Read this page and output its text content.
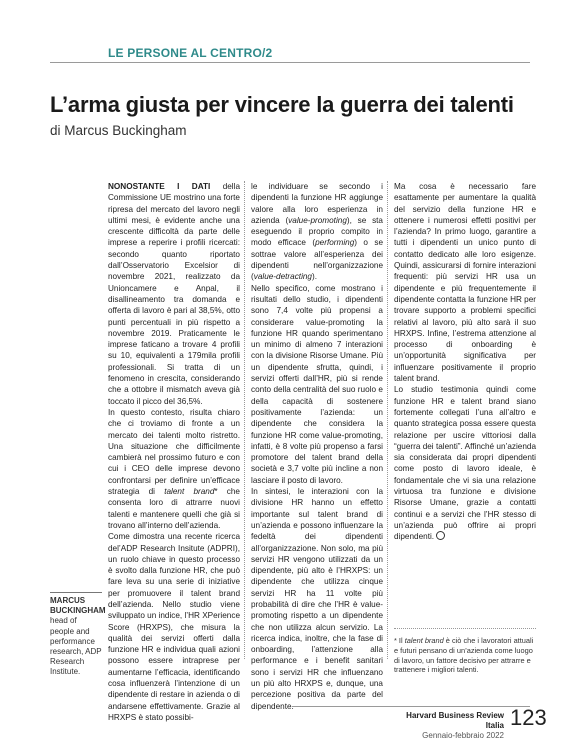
LE PERSONE AL CENTRO/2
L’arma giusta per vincere la guerra dei talenti
di Marcus Buckingham

NONOSTANTE I DATI della Commissione UE mostrino una forte ripresa del mercato del lavoro negli ultimi mesi, è evidente anche una crescente difficoltà da parte delle imprese a reperire i profili ricercati: secondo quanto riportato dall’Osservatorio Excelsior di novembre 2021, realizzato da Unioncamere e Anpal, il disallineamento tra domanda e offerta di lavoro è pari al 38,5%, otto punti percentuali in più rispetto a novembre 2019. Praticamente le imprese faticano a trovare 4 profili su 10, equivalenti a 179mila profili professionali. Si tratta di un fenomeno in crescita, considerando che a ottobre il mismatch aveva già toccato il picco del 36,5%.

In questo contesto, risulta chiaro che ci troviamo di fronte a un mercato dei talenti molto ristretto. Una situazione che difficilmente cambierà nel prossimo futuro e con cui i CEO delle imprese devono confrontarsi per definire un’efficace strategia di talent brand* che consenta loro di attrarre nuovi talenti e mantenere quelli che già si trovano all’interno dell’azienda.

Come dimostra una recente ricerca del’ADP Research Insitute (ADPRI), un ruolo chiave in questo processo è svolto dalla funzione HR, che può fare leva su una serie di iniziative per promuovere il talent brand dell’azienda. Nello studio viene sviluppato un indice, l’HR XPerience Score (HRXPS), che misura la qualità dei servizi offerti dalla funzione HR e individua quali azioni possono essere intraprese per aumentarne l’efficacia, identificando cosa influenzerà l’intenzione di un dipendente di restare in azienda o di andarsene effettivamente. Grazie al HRXPS è stato possibi-

le individuare se secondo i dipendenti la funzione HR aggiunge valore alla loro esperienza in azienda (value-promoting), se sta eseguendo il proprio compito in modo efficace (performing) o se sottrae valore all’esperienza dei dipendenti nell’organizzazione (value-detracting).

Nello specifico, come mostrano i risultati dello studio, i dipendenti sono 7,4 volte più propensi a considerare value-promoting la funzione HR quando sperimentano un minimo di almeno 7 interazioni con la divisione Risorse Umane. Più un dipendente sfrutta, quindi, i servizi offerti dall’HR, più si rende conto della centralità del suo ruolo e della capacità di sostenere positivamente l’azienda: un dipendente che considera la funzione HR come value-promoting, infatti, è 8 volte più propenso a farsi promotore del talent brand della società e 3,7 volte più incline a non lasciare il posto di lavoro.

In sintesi, le interazioni con la divisione HR hanno un effetto importante sul talent brand di un’azienda e possono influenzare la fedeltà dei dipendenti all’organizzazione. Non solo, ma più servizi HR vengono utilizzati da un dipendente, più alto è l’HRXPS: un dipendente che utilizza cinque servizi HR ha 11 volte più probabilità di dire che l’HR è value-promoting rispetto a un dipendente che non utilizza alcun servizio. La ricerca indica, inoltre, che la fase di onboarding, l’attenzione alla performance e i benefit sanitari sono i servizi HR che influenzano un più alto HRXPS e, dunque, una percezione positiva da parte del dipendente.

Ma cosa è necessario fare esattamente per aumentare la qualità del servizio della funzione HR e ottenere i numerosi effetti positivi per l’azienda? In primo luogo, garantire a tutti i dipendenti un unico punto di contatto dedicato alle loro esigenze. Quindi, assicurarsi di fornire interazioni frequenti: più servizi HR usa un dipendente e più frequentemente il dipendente contatta la funzione HR per trovare supporto a problemi specifici relativi al lavoro, più alto sarà il suo HRXPS. Infine, l’estrema attenzione al processo di onboarding è un’opportunità significativa per influenzare positivamente il proprio talent brand.

Lo studio testimonia quindi come funzione HR e talent brand siano fortemente collegati l’una all’altro e quanto strategica possa essere questa relazione per uscire vittoriosi dalla “guerra dei talenti”. Affinché un’azienda sia considerata dai propri dipendenti come posto di lavoro ideale, è fondamentale che vi sia una relazione virtuosa tra funzione e divisione Risorse Umane, grazie a contatti continui e a servizi che l’HR stesso di un’azienda può offrire ai propri dipendenti.

MARCUS BUCKINGHAM
head of people and performance research, ADP Research Institute.
* Il talent brand è ciò che i lavoratori attuali e futuri pensano di un’azienda come luogo di lavoro, un fattore decisivo per attrarre e trattenere i migliori talenti.
Harvard Business Review Italia
Gennaio-febbraio 2022
123
